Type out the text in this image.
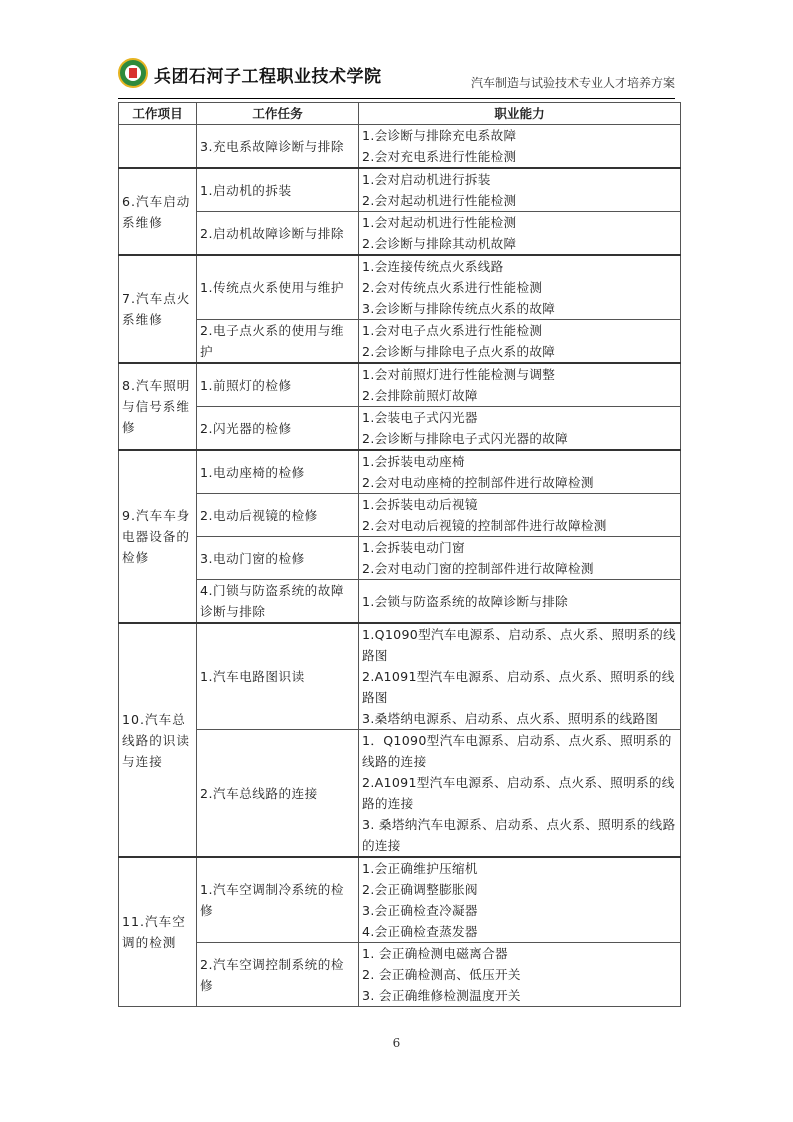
兵团石河子工程职业技术学院	汽车制造与试验技术专业人才培养方案
工作项目	工作任务	职业能力
	3.充电系故障诊断与排除	1.会诊断与排除充电系故障
2.会对充电系进行性能检测

6.汽车启动系维修	1.启动机的拆装	1.会对启动机进行拆装
2.会对起动机进行性能检测

	2.启动机故障诊断与排除	1.会对起动机进行性能检测
2.会诊断与排除其动机故障

7.汽车点火系维修	1.传统点火系使用与维护	1.会连接传统点火系线路
2.会对传统点火系进行性能检测
3.会诊断与排除传统点火系的故障

	2.电子点火系的使用与维护	1.会对电子点火系进行性能检测
2.会诊断与排除电子点火系的故障

8.汽车照明与信号系维修	1.前照灯的检修	1.会对前照灯进行性能检测与调整
2.会排除前照灯故障

	2.闪光器的检修	1.会装电子式闪光器
2.会诊断与排除电子式闪光器的故障

9.汽车车身电器设备的检修	1.电动座椅的检修	1.会拆装电动座椅
2.会对电动座椅的控制部件进行故障检测

	2.电动后视镜的检修	1.会拆装电动后视镜
2.会对电动后视镜的控制部件进行故障检测

	3.电动门窗的检修	1.会拆装电动门窗
2.会对电动门窗的控制部件进行故障检测

	4.门锁与防盗系统的故障诊断与排除	1.会锁与防盗系统的故障诊断与排除

10.汽车总线路的识读与连接	1.汽车电路图识读	1.Q1090型汽车电源系、启动系、点火系、照明系的线路图
2.A1091型汽车电源系、启动系、点火系、照明系的线路图
3.桑塔纳电源系、启动系、点火系、照明系的线路图

	2.汽车总线路的连接	1．Q1090型汽车电源系、启动系、点火系、照明系的线路的连接
2.A1091型汽车电源系、启动系、点火系、照明系的线路的连接
3. 桑塔纳汽车电源系、启动系、点火系、照明系的线路的连接

11.汽车空调的检测	1.汽车空调制冷系统的检修	1.会正确维护压缩机
2.会正确调整膨胀阀
3.会正确检查冷凝器
4.会正确检查蒸发器

	2.汽车空调控制系统的检修	1. 会正确检测电磁离合器
2. 会正确检测高、低压开关
3. 会正确维修检测温度开关
6
